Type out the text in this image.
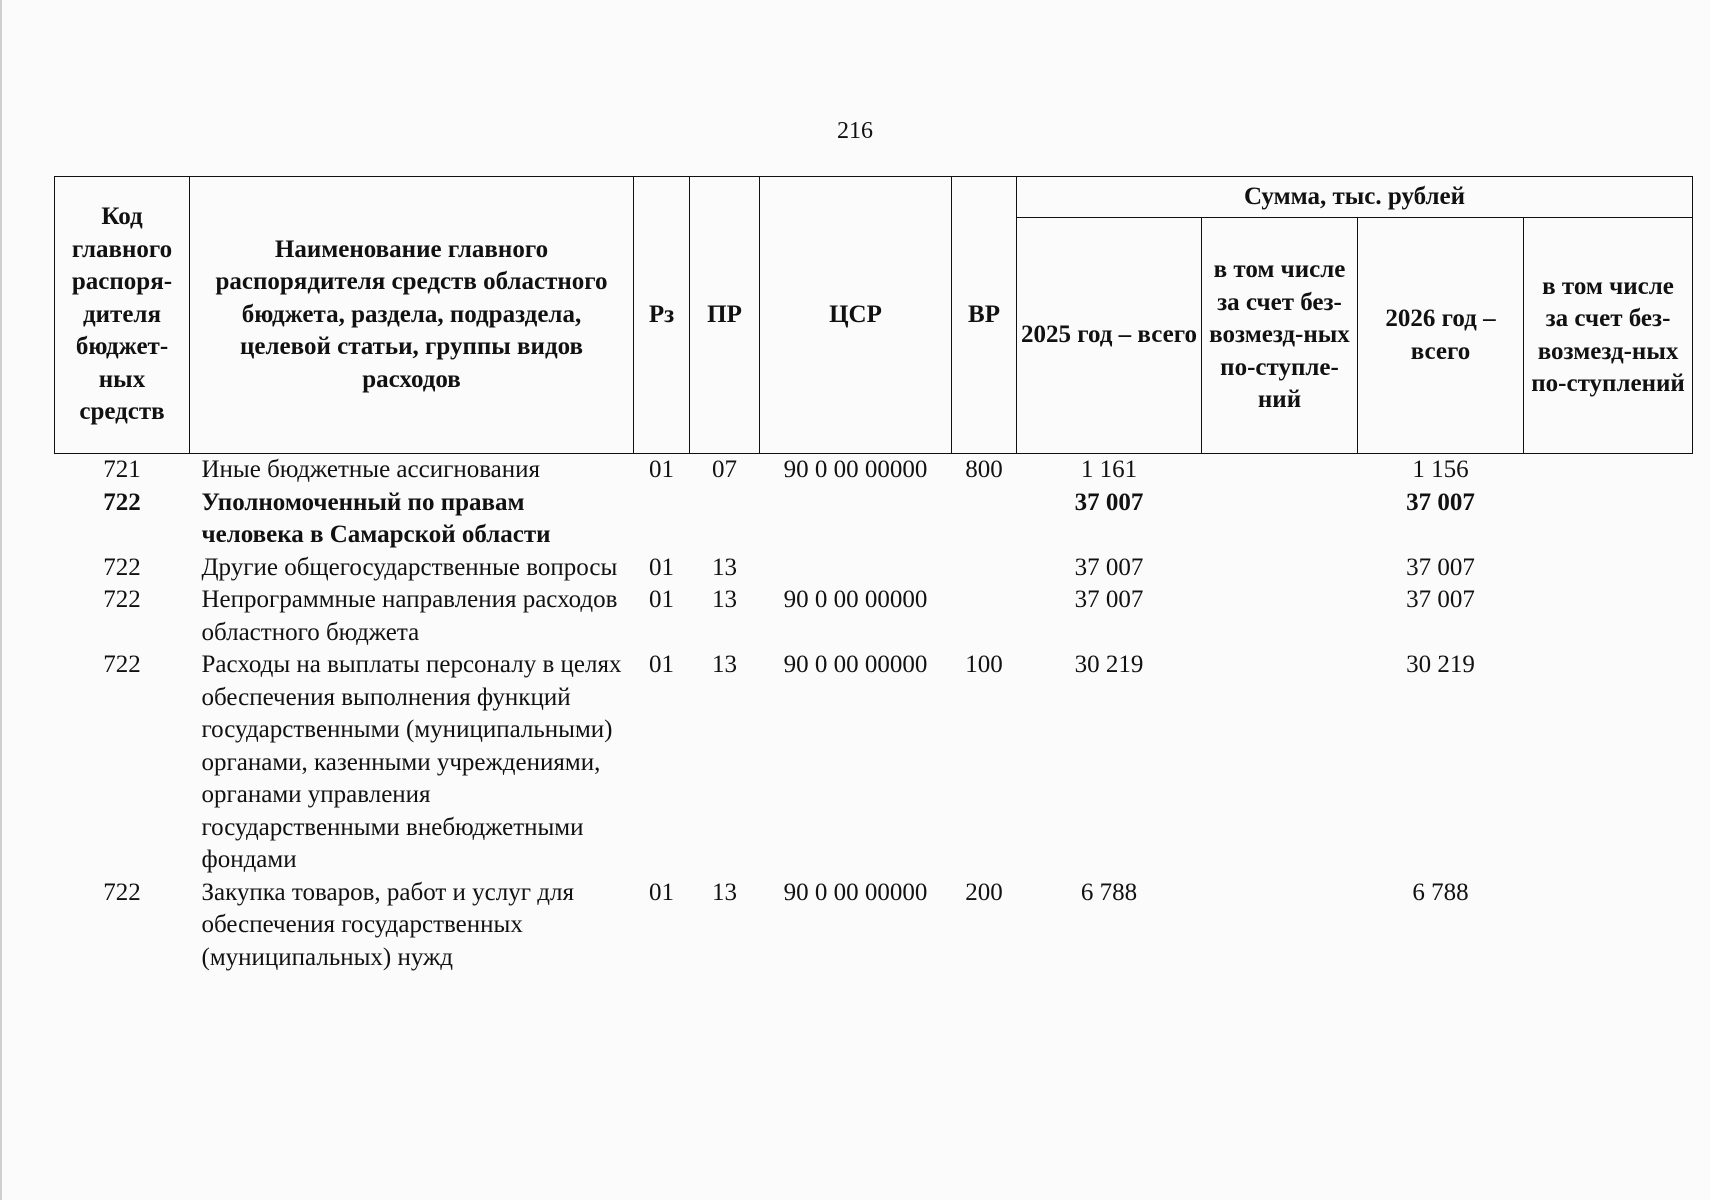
216
Код главного распоря-дителя бюджет-ных средств	Наименование главного распорядителя средств областного бюджета, раздела, подраздела, целевой статьи, группы видов расходов	Рз	ПР	ЦСР	ВР	Сумма, тыс. рублей			
						2025 год – всего	в том числе за счет без-возмезд-ных по-ступле-ний	2026 год – всего	в том числе за счет без-возмезд-ных по-ступлений
721	Иные бюджетные ассигнования	01	07	90 0 00 00000	800	1 161		1 156	
722	Уполномоченный по правам человека в Самарской области					37 007		37 007	
722	Другие общегосударственные вопросы	01	13			37 007		37 007	
722	Непрограммные направления расходов областного бюджета	01	13	90 0 00 00000		37 007		37 007	
722	Расходы на выплаты персоналу в целях обеспечения выполнения функций государственными (муниципальными) органами, казенными учреждениями, органами управления государственными внебюджетными фондами	01	13	90 0 00 00000	100	30 219		30 219	
722	Закупка товаров, работ и услуг для обеспечения государственных (муниципальных) нужд	01	13	90 0 00 00000	200	6 788		6 788	
